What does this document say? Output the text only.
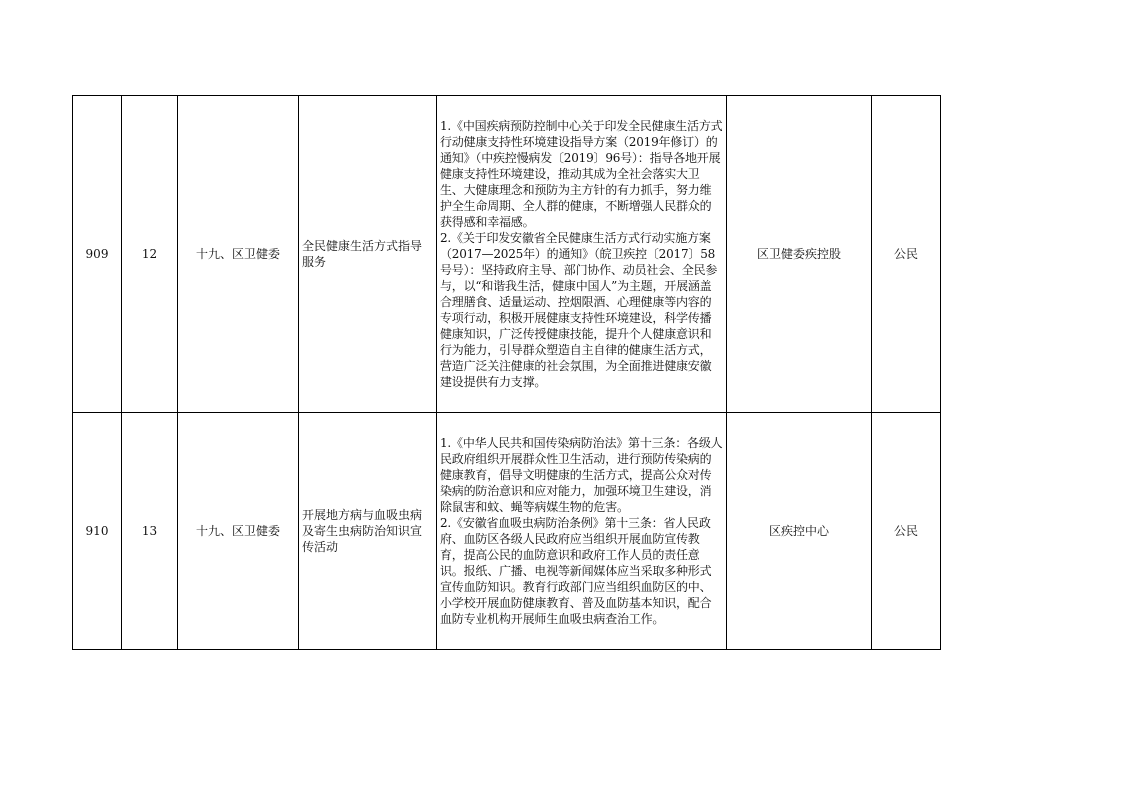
909	12	十九、区卫健委	全民健康生活方式指导服务	1.《中国疾病预防控制中心关于印发全民健康生活方式行动健康支持性环境建设指导方案（2019年修订）的通知》（中疾控慢病发〔2019〕96号）：指导各地开展健康支持性环境建设，推动其成为全社会落实大卫生、大健康理念和预防为主方针的有力抓手，努力维护全生命周期、全人群的健康，不断增强人民群众的获得感和幸福感。
2.《关于印发安徽省全民健康生活方式行动实施方案（2017—2025年）的通知》（皖卫疾控〔2017〕58号号）：坚持政府主导、部门协作、动员社会、全民参与，以“和谐我生活，健康中国人”为主题，开展涵盖合理膳食、适量运动、控烟限酒、心理健康等内容的专项行动，积极开展健康支持性环境建设，科学传播健康知识，广泛传授健康技能，提升个人健康意识和行为能力，引导群众塑造自主自律的健康生活方式，营造广泛关注健康的社会氛围，为全面推进健康安徽建设提供有力支撑。	区卫健委疾控股	公民
910	13	十九、区卫健委	开展地方病与血吸虫病及寄生虫病防治知识宣传活动	1.《中华人民共和国传染病防治法》第十三条：各级人民政府组织开展群众性卫生活动，进行预防传染病的健康教育，倡导文明健康的生活方式，提高公众对传染病的防治意识和应对能力，加强环境卫生建设，消除鼠害和蚊、蝇等病媒生物的危害。
2.《安徽省血吸虫病防治条例》第十三条：省人民政府、血防区各级人民政府应当组织开展血防宣传教育，提高公民的血防意识和政府工作人员的责任意识。报纸、广播、电视等新闻媒体应当采取多种形式宣传血防知识。教育行政部门应当组织血防区的中、小学校开展血防健康教育、普及血防基本知识，配合血防专业机构开展师生血吸虫病查治工作。	区疾控中心	公民
